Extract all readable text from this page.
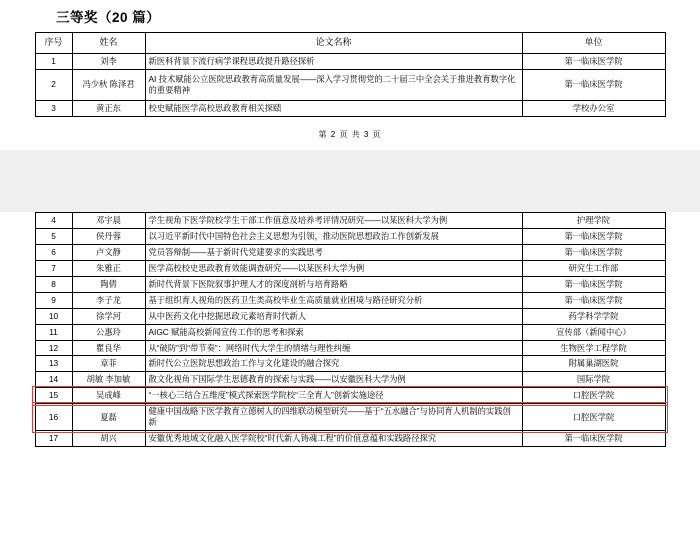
三等奖（20 篇）
序号	姓名	论文名称	单位
1	刘李	新医科背景下流行病学课程思政提升路径探析	第一临床医学院
2	冯少秋 陈泽君	AI 技术赋能公立医院思政教育高质量发展——深入学习贯彻党的二十届三中全会关于推进教育数字化的重要精神	第一临床医学院
3	黄正东	校史赋能医学高校思政教育相关探赜	学校办公室
第 2 页 共 3 页
4	邓宇晨	学生视角下医学院校学生干部工作值意及培养考评情况研究——以某医科大学为例	护理学院
5	侯丹蓉	以习近平新时代中国特色社会主义思想为引领，推动医院思想政治工作创新发展	第一临床医学院
6	卢文静	党员答辩制——基于新时代党建要求的实践思考	第一临床医学院
7	朱雅正	医学高校校史思政教育效能调查研究——以某医科大学为例	研究生工作部
8	陶倩	新时代背景下医院叙事护理人才的深度剖析与培育路略	第一临床医学院
9	李子龙	基于组织育人视角的医药卫生类高校毕业生高质量就业困境与路径研究分析	第一临床医学院
10	徐学河	从中医药文化中挖掘思政元素培育时代新人	药学科学学院
11	公惠玲	AIGC 赋能高校新闻宣传工作的思考和探索	宣传部（新闻中心）
12	瞿良华	从“破防”到“带节奏”：网络时代大学生的情绪与理性纠缠	生物医学工程学院
13	章菲	新时代公立医院思想政治工作与文化建设的融合探究	附属巢湖医院
14	胡敏 李加敏	散文化视角下国际学生思德教育的探索与实践——以安徽医科大学为例	国际学院
15	吴成峰	“一核心三结合五维度”模式探索医学院校“三全育人”创新实施途径	口腔医学院
16	夏磊	健康中国战略下医学教育立德树人的四维联动模型研究——基于“五水融合”与协同育人机制的实践创新	口腔医学院
17	胡兴	安徽优秀地域文化融入医学院校“时代新人铸魂工程”的价值意蕴和实践路径探究	第一临床医学院
